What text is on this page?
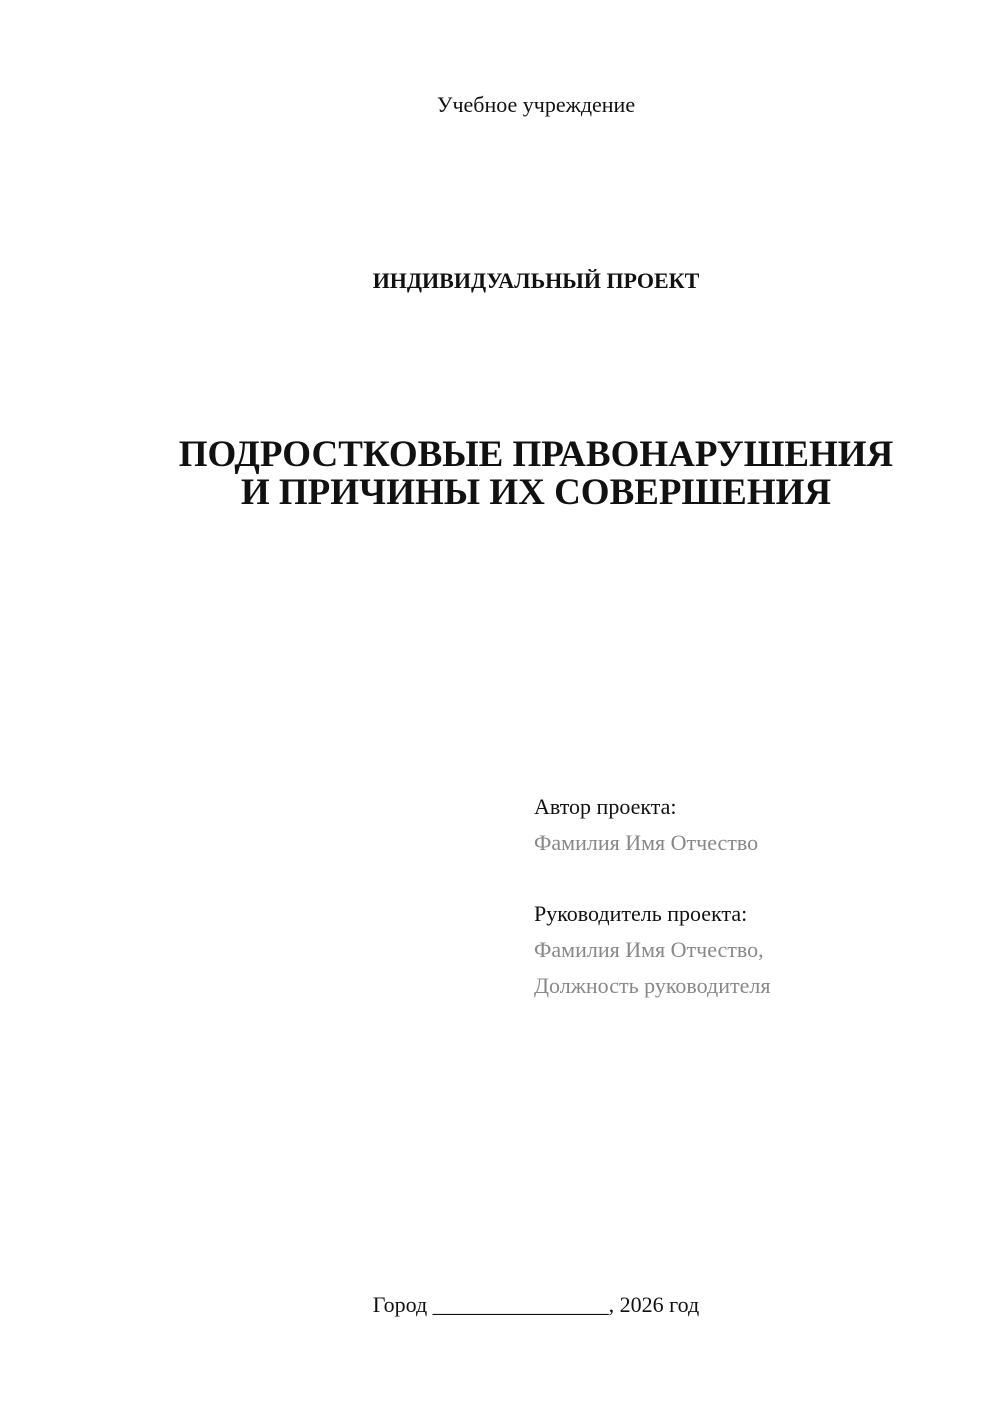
Учебное учреждение
ИНДИВИДУАЛЬНЫЙ ПРОЕКТ
ПОДРОСТКОВЫЕ ПРАВОНАРУШЕНИЯ
И ПРИЧИНЫ ИХ СОВЕРШЕНИЯ
Автор проекта:
Фамилия Имя Отчество
Руководитель проекта:
Фамилия Имя Отчество,
Должность руководителя
Город ________________, 2026 год
